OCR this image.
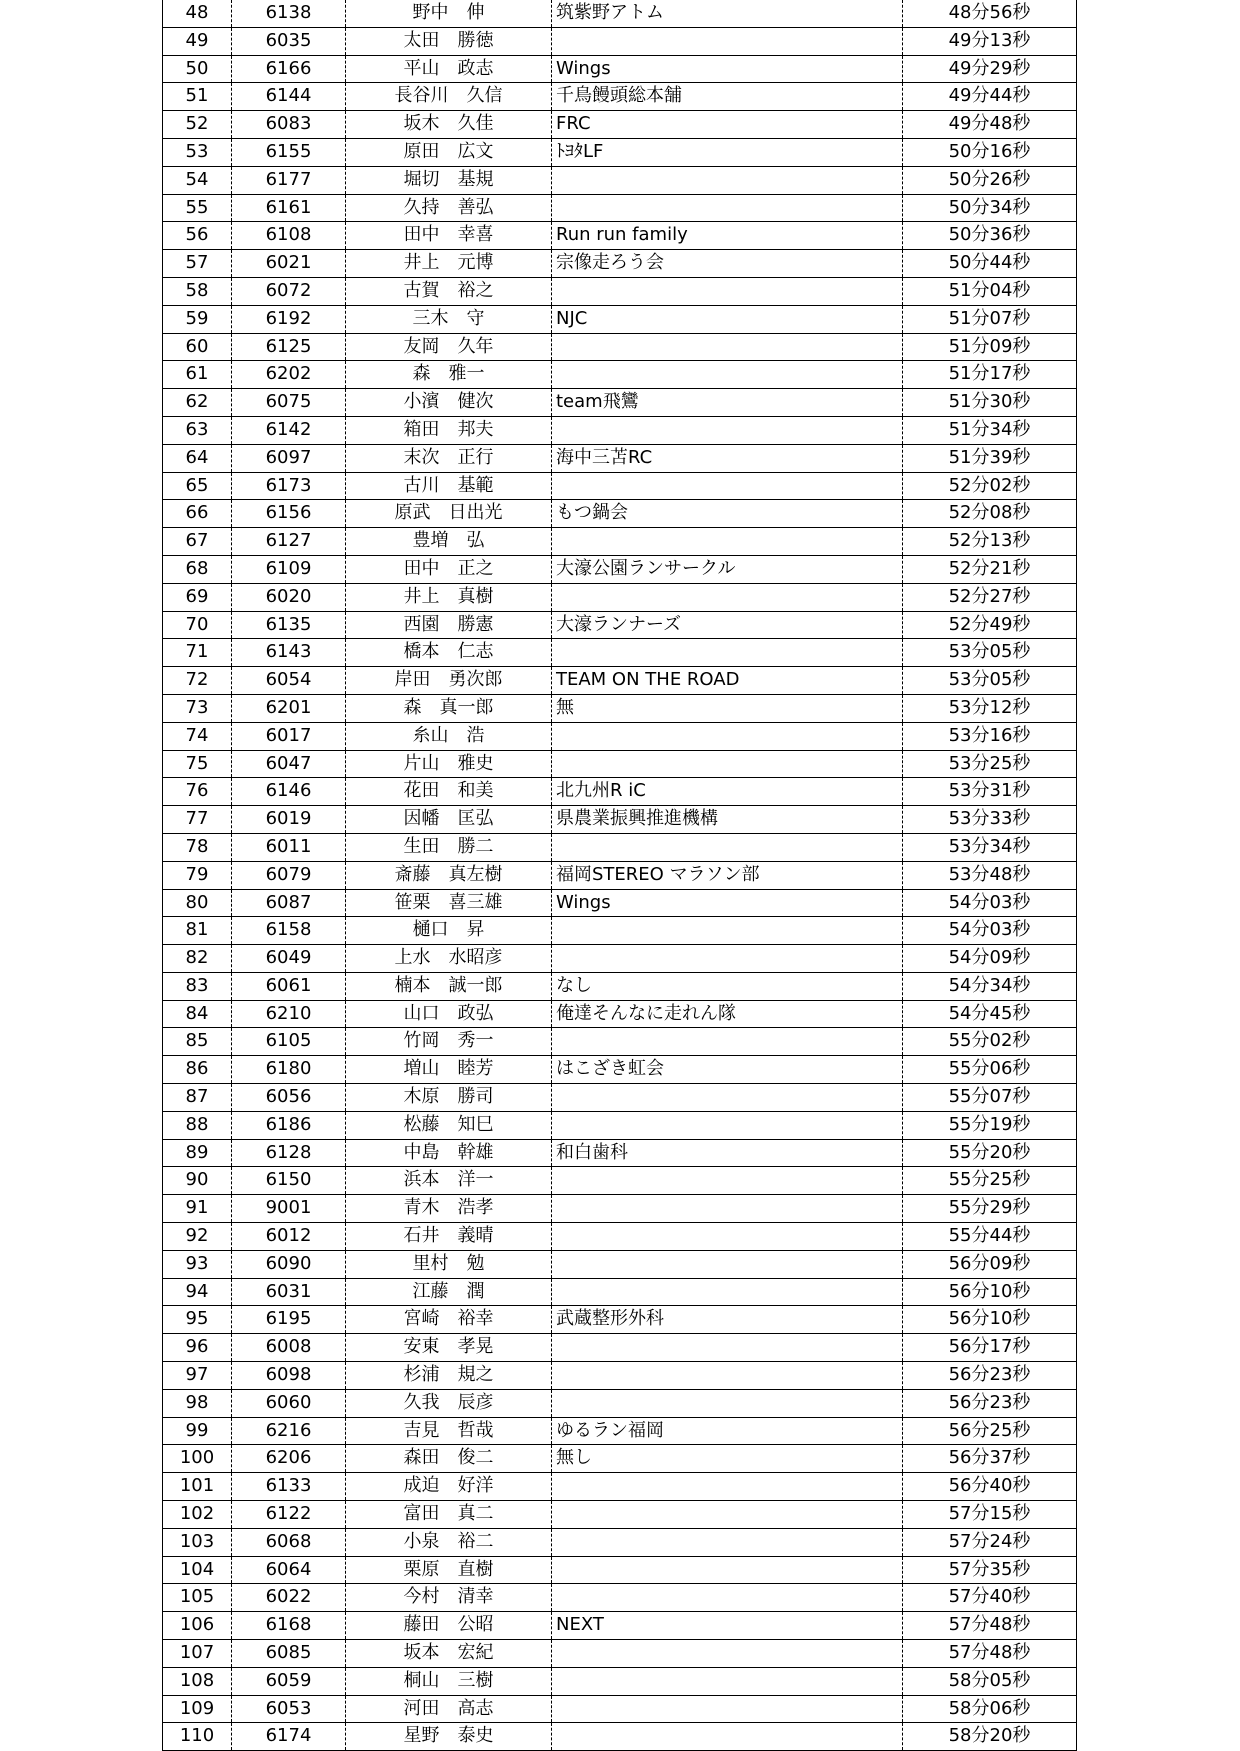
48	6138	野中　伸	筑紫野アトム	48分56秒
49	6035	太田　勝徳		49分13秒
50	6166	平山　政志	Wings	49分29秒
51	6144	長谷川　久信	千鳥饅頭総本舗	49分44秒
52	6083	坂木　久佳	FRC	49分48秒
53	6155	原田　広文	ﾄﾖﾀLF	50分16秒
54	6177	堀切　基規		50分26秒
55	6161	久持　善弘		50分34秒
56	6108	田中　幸喜	Run run family	50分36秒
57	6021	井上　元博	宗像走ろう会	50分44秒
58	6072	古賀　裕之		51分04秒
59	6192	三木　守	NJC	51分07秒
60	6125	友岡　久年		51分09秒
61	6202	森　雅一		51分17秒
62	6075	小濱　健次	team飛鸞	51分30秒
63	6142	箱田　邦夫		51分34秒
64	6097	末次　正行	海中三苫RC	51分39秒
65	6173	古川　基範		52分02秒
66	6156	原武　日出光	もつ鍋会	52分08秒
67	6127	豊増　弘		52分13秒
68	6109	田中　正之	大濠公園ランサークル	52分21秒
69	6020	井上　真樹		52分27秒
70	6135	西園　勝憲	大濠ランナーズ	52分49秒
71	6143	橋本　仁志		53分05秒
72	6054	岸田　勇次郎	TEAM ON THE ROAD	53分05秒
73	6201	森　真一郎	無	53分12秒
74	6017	糸山　浩		53分16秒
75	6047	片山　雅史		53分25秒
76	6146	花田　和美	北九州R iC	53分31秒
77	6019	因幡　匡弘	県農業振興推進機構	53分33秒
78	6011	生田　勝二		53分34秒
79	6079	斎藤　真左樹	福岡STEREO マラソン部	53分48秒
80	6087	笹栗　喜三雄	Wings	54分03秒
81	6158	樋口　昇		54分03秒
82	6049	上水　水昭彦		54分09秒
83	6061	楠本　誠一郎	なし	54分34秒
84	6210	山口　政弘	俺達そんなに走れん隊	54分45秒
85	6105	竹岡　秀一		55分02秒
86	6180	増山　睦芳	はこざき虹会	55分06秒
87	6056	木原　勝司		55分07秒
88	6186	松藤　知巳		55分19秒
89	6128	中島　幹雄	和白歯科	55分20秒
90	6150	浜本　洋一		55分25秒
91	9001	青木　浩孝		55分29秒
92	6012	石井　義晴		55分44秒
93	6090	里村　勉		56分09秒
94	6031	江藤　潤		56分10秒
95	6195	宮崎　裕幸	武蔵整形外科	56分10秒
96	6008	安東　孝晃		56分17秒
97	6098	杉浦　規之		56分23秒
98	6060	久我　辰彦		56分23秒
99	6216	吉見　哲哉	ゆるラン福岡	56分25秒
100	6206	森田　俊二	無し	56分37秒
101	6133	成迫　好洋		56分40秒
102	6122	富田　真二		57分15秒
103	6068	小泉　裕二		57分24秒
104	6064	栗原　直樹		57分35秒
105	6022	今村　清幸		57分40秒
106	6168	藤田　公昭	NEXT	57分48秒
107	6085	坂本　宏紀		57分48秒
108	6059	桐山　三樹		58分05秒
109	6053	河田　高志		58分06秒
110	6174	星野　泰史		58分20秒
